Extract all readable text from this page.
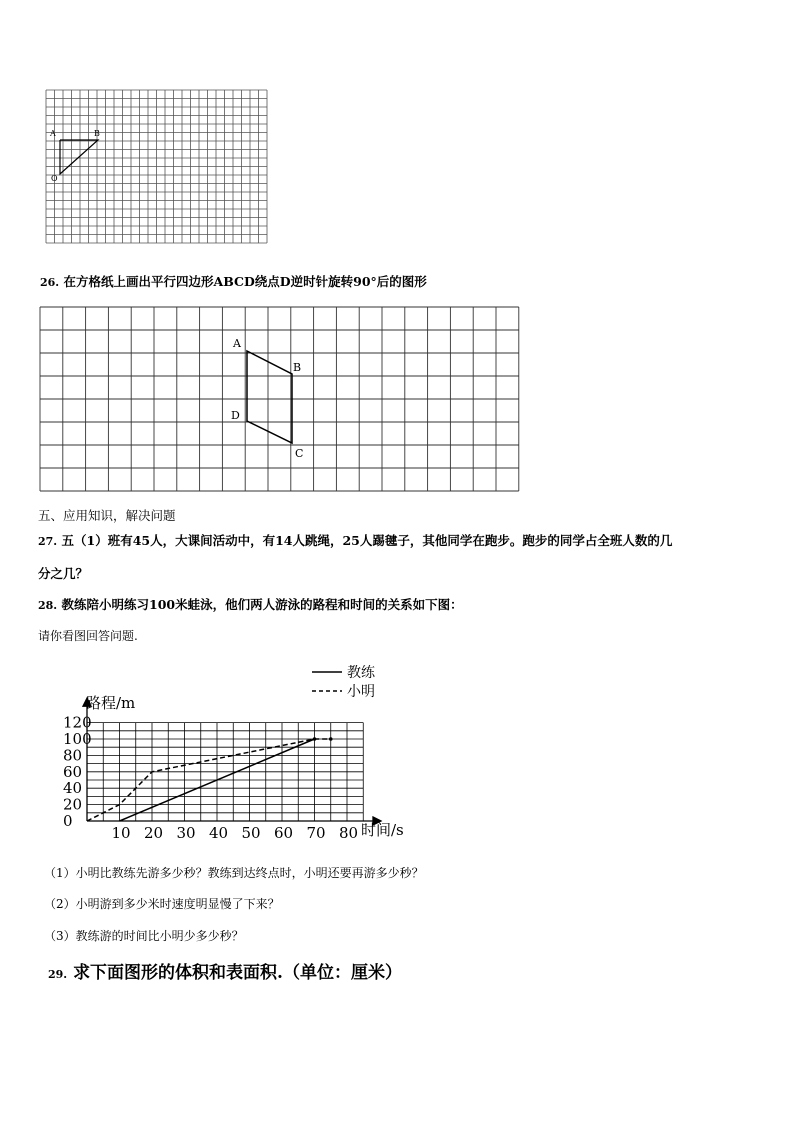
A	B
O
26. 在方格纸上画出平行四边形ABCD绕点D逆时针旋转90°后的图形
A
B
C
D
五、应用知识，解决问题
27. 五（1）班有45人，大课间活动中，有14人跳绳，25人踢毽子，其他同学在跑步。跑步的同学占全班人数的几
分之几？
28. 教练陪小明练习100米蛙泳，他们两人游泳的路程和时间的关系如下图：
请你看图回答问题.
0
20
40
60
80
100
120
10 20 30 40 50 60 70 80
教练
小明
路程/m
时间/s
（1）小明比教练先游多少秒？教练到达终点时，小明还要再游多少秒？
（2）小明游到多少米时速度明显慢了下来？
（3）教练游的时间比小明少多少秒？
29. 求下面图形的体积和表面积.（单位：厘米）
